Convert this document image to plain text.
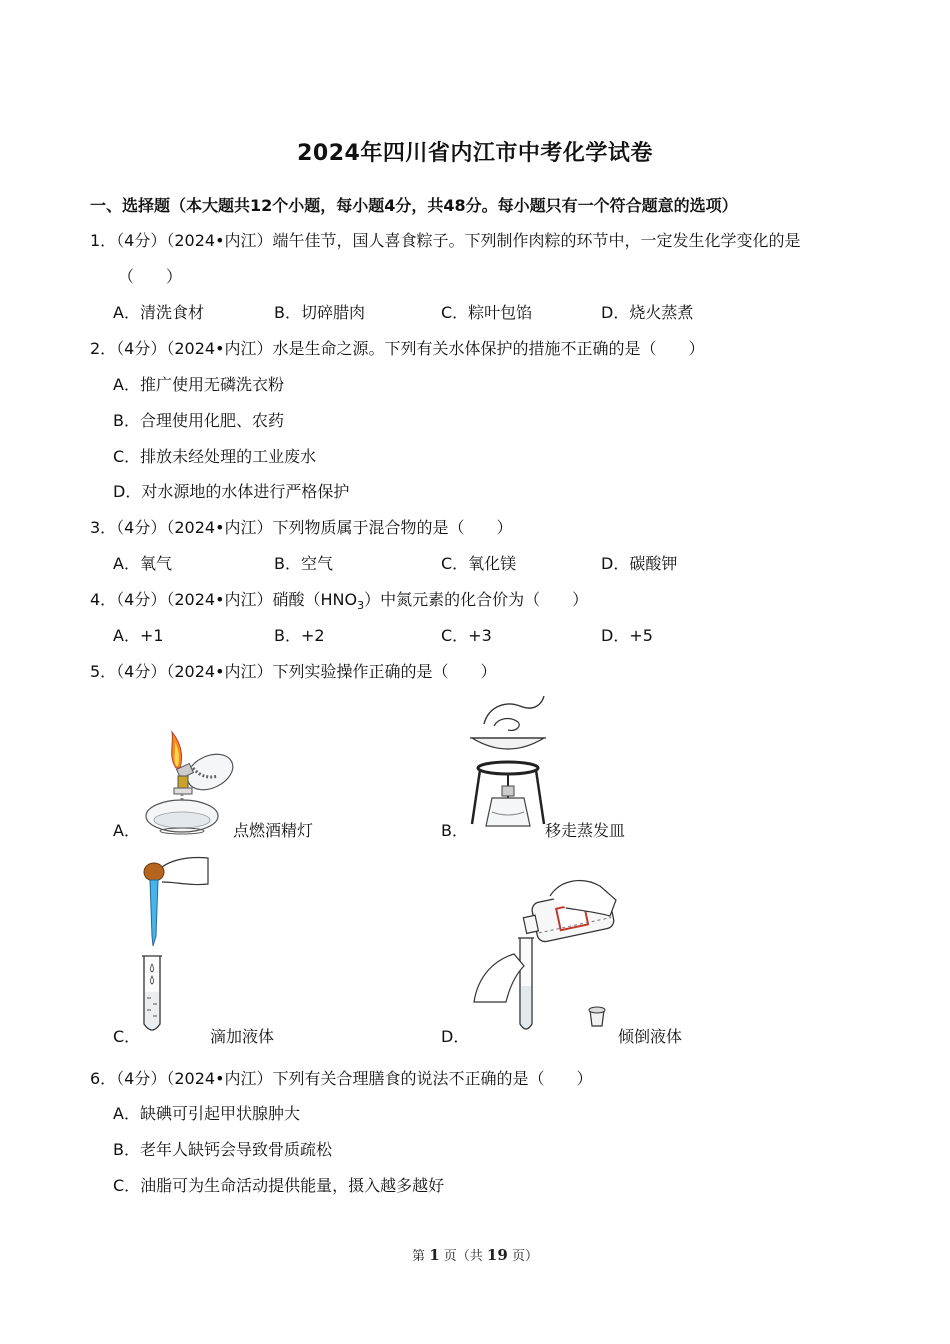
2024年四川省内江市中考化学试卷
一、选择题（本大题共12个小题，每小题4分，共48分。每小题只有一个符合题意的选项）
1．（4分）（2024•内江）端午佳节，国人喜食粽子。下列制作肉粽的环节中，一定发生化学变化的是
（　　）
A．清洗食材	B．切碎腊肉	C．粽叶包馅	D．烧火蒸煮
2．（4分）（2024•内江）水是生命之源。下列有关水体保护的措施不正确的是（　　）
A．推广使用无磷洗衣粉
B．合理使用化肥、农药
C．排放未经处理的工业废水
D．对水源地的水体进行严格保护
3．（4分）（2024•内江）下列物质属于混合物的是（　　）
A．氧气	B．空气	C．氧化镁	D．碳酸钾
4．（4分）（2024•内江）硝酸$(HNO_3)$中氮元素的化合价为（　　）
A．+1	B．+2	C．+3	D．+5
5．（4分）（2024•内江）下列实验操作正确的是（　　）
A．	点燃酒精灯	B．	移走蒸发皿
C．	滴加液体	D．	倾倒液体
6．（4分）（2024•内江）下列有关合理膳食的说法不正确的是（　　）
A．缺碘可引起甲状腺肿大
B．老年人缺钙会导致骨质疏松
C．油脂可为生命活动提供能量，摄入越多越好
第 1 页（共 19 页）
